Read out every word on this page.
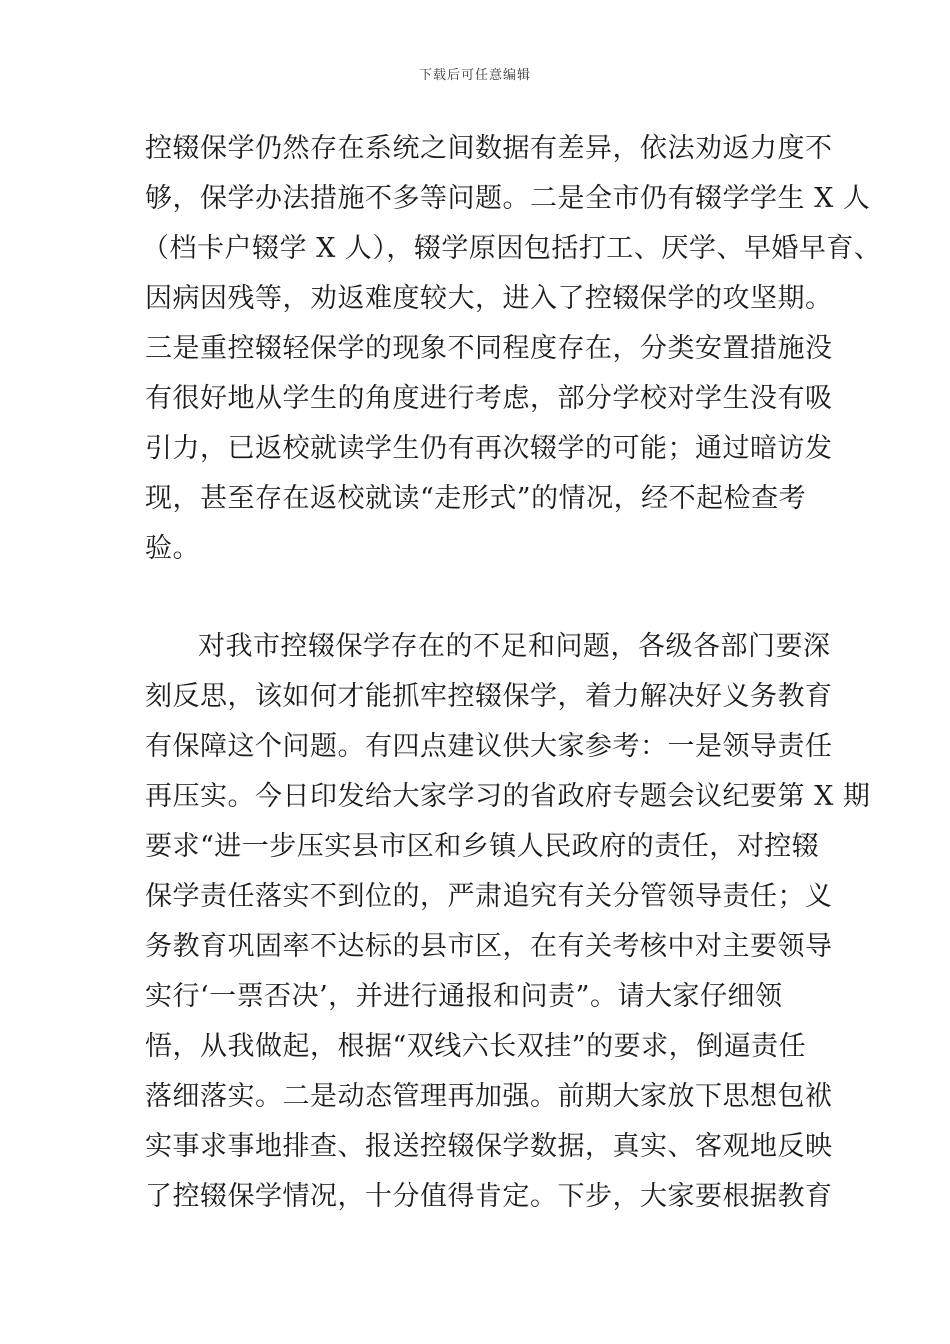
下载后可任意编辑
控辍保学仍然存在系统之间数据有差异，依法劝返力度不
够，保学办法措施不多等问题。二是全市仍有辍学学生 X 人
（档卡户辍学 X 人），辍学原因包括打工、厌学、早婚早育、
因病因残等，劝返难度较大，进入了控辍保学的攻坚期。
三是重控辍轻保学的现象不同程度存在，分类安置措施没
有很好地从学生的角度进行考虑，部分学校对学生没有吸
引力，已返校就读学生仍有再次辍学的可能；通过暗访发
现，甚至存在返校就读“走形式”的情况，经不起检查考
验。
对我市控辍保学存在的不足和问题，各级各部门要深
刻反思，该如何才能抓牢控辍保学，着力解决好义务教育
有保障这个问题。有四点建议供大家参考：一是领导责任
再压实。今日印发给大家学习的省政府专题会议纪要第 X 期
要求“进一步压实县市区和乡镇人民政府的责任，对控辍
保学责任落实不到位的，严肃追究有关分管领导责任；义
务教育巩固率不达标的县市区，在有关考核中对主要领导
实行‘一票否决’，并进行通报和问责”。请大家仔细领
悟，从我做起，根据“双线六长双挂”的要求，倒逼责任
落细落实。二是动态管理再加强。前期大家放下思想包袱
实事求事地排查、报送控辍保学数据，真实、客观地反映
了控辍保学情况，十分值得肯定。下步，大家要根据教育
